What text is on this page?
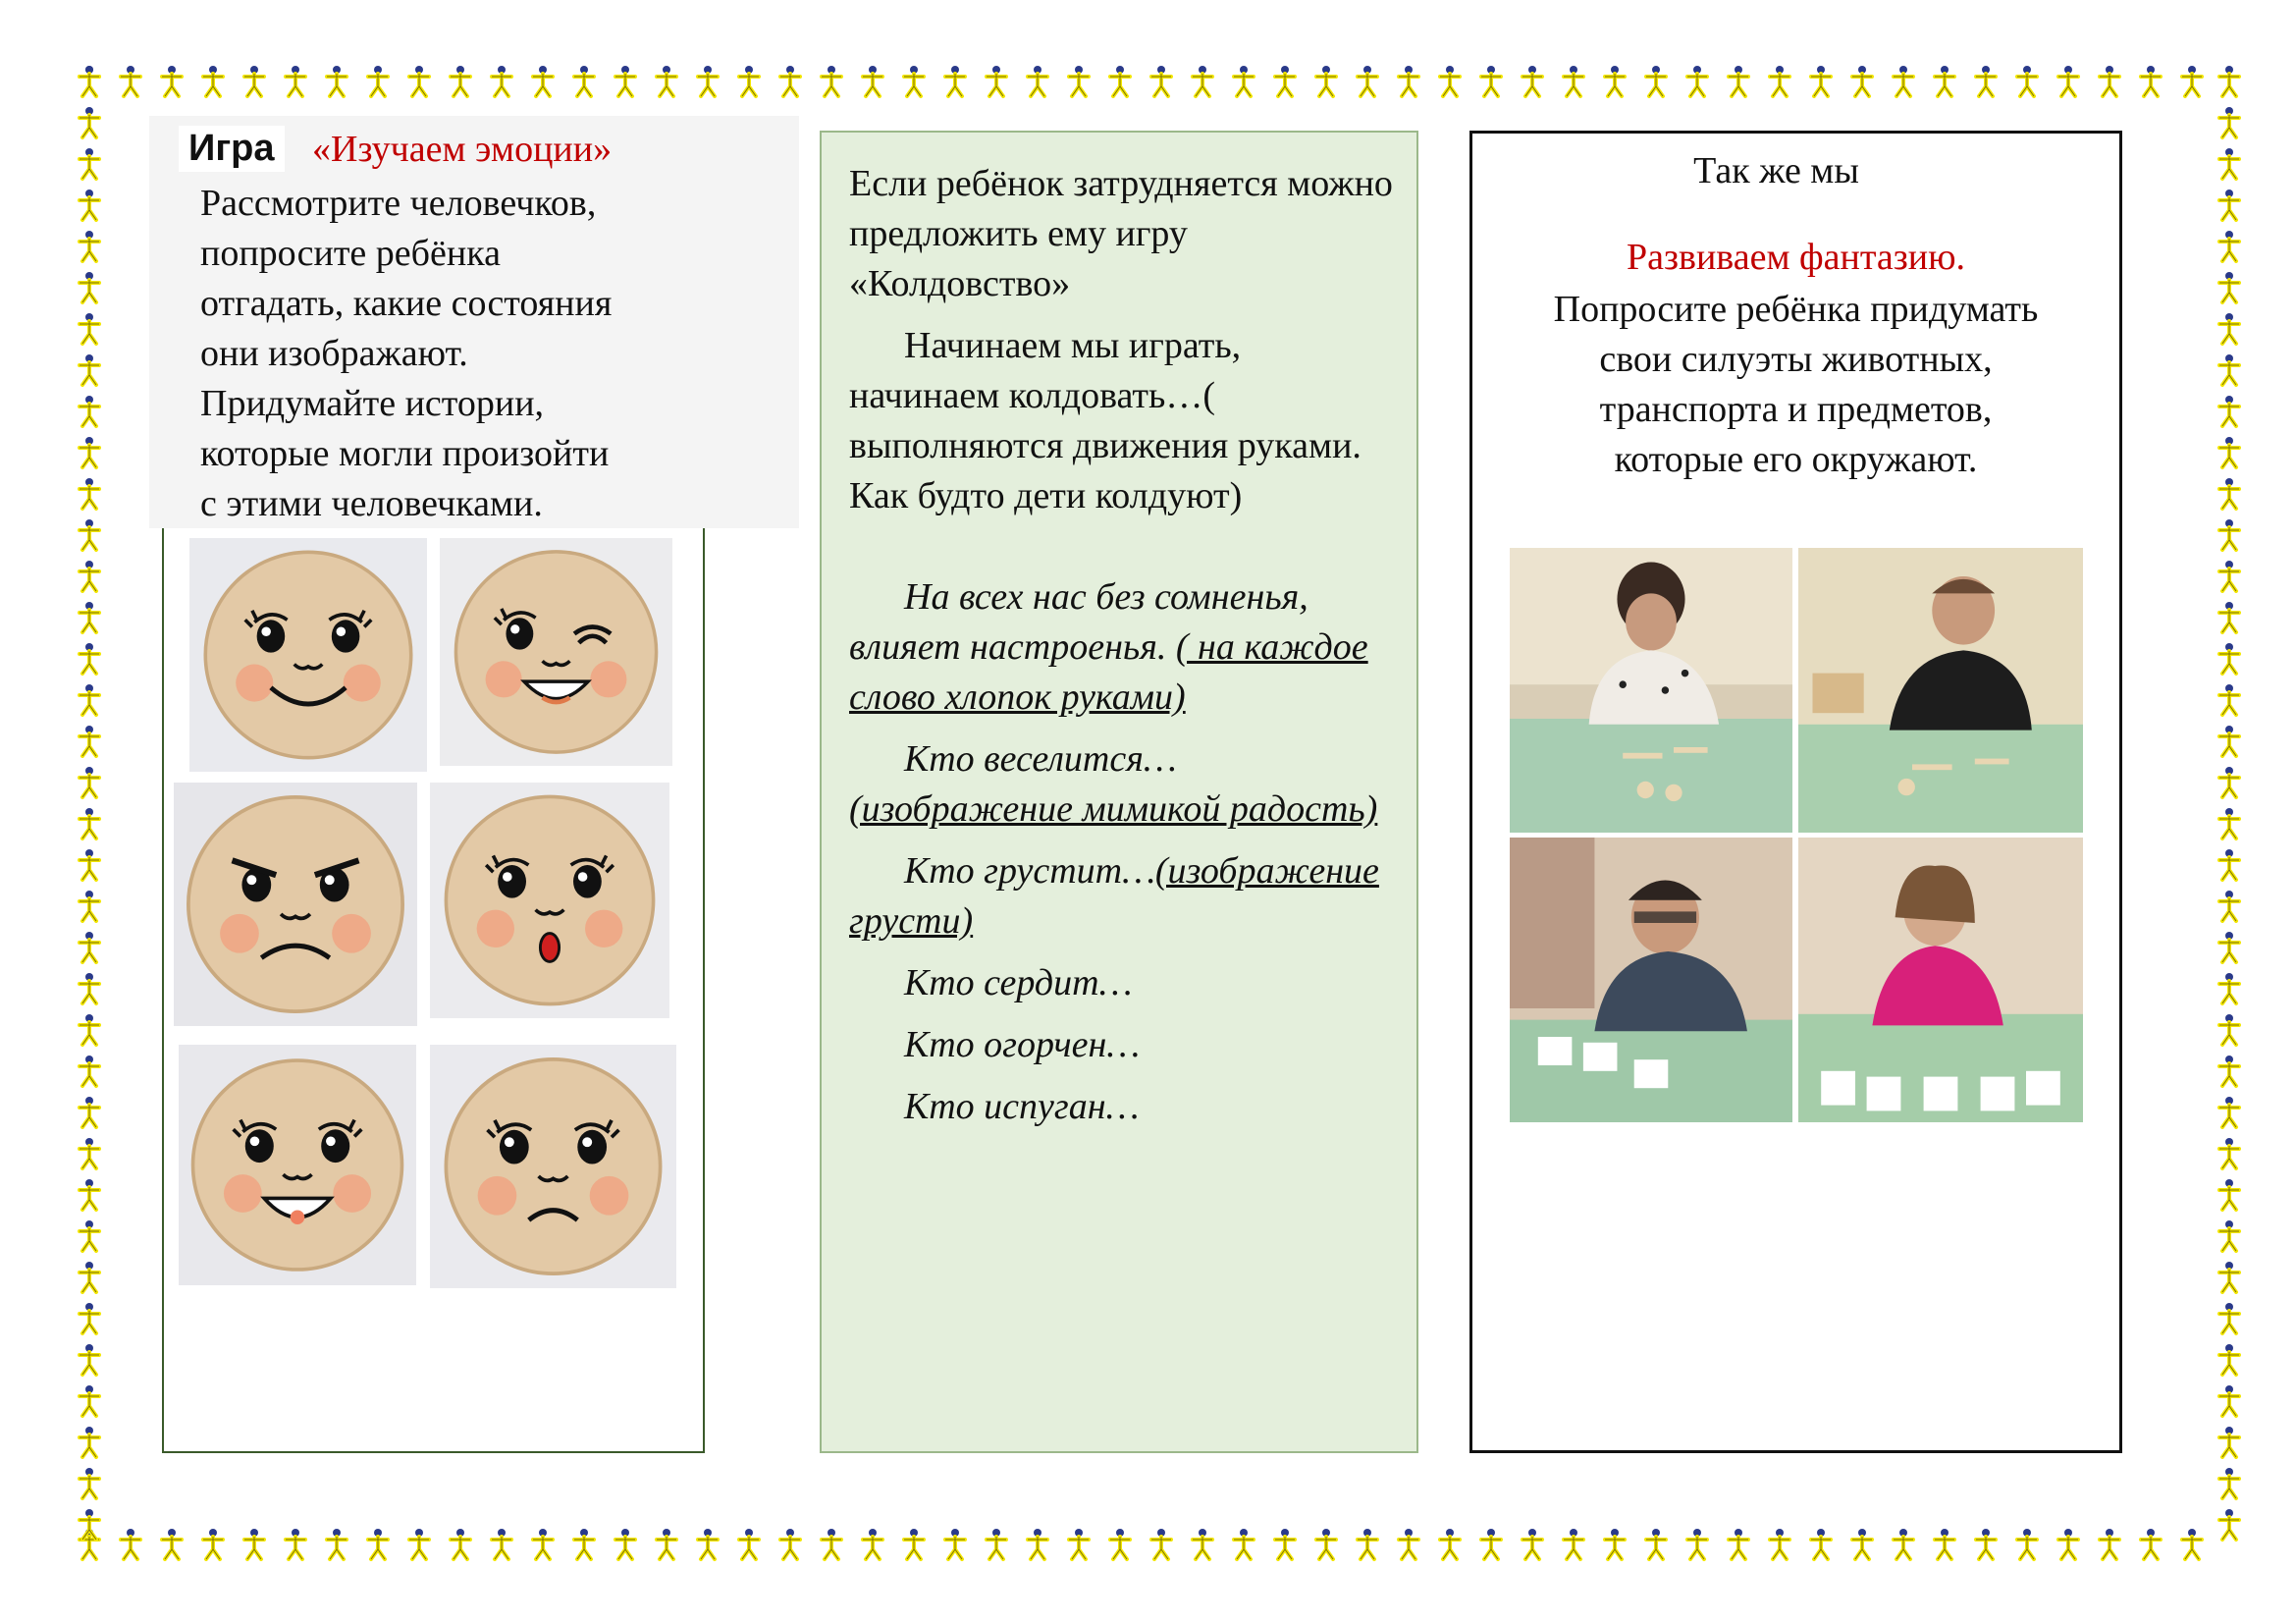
Игра «Изучаем эмоции»
Рассмотрите человечков,
попросите ребёнка
отгадать, какие состояния
они изображают.
Придумайте истории,
которые могли произойти
с этими человечками.

Если ребёнок затрудняется можно предложить ему игру «Колдовство»

Начинаем мы играть, начинаем колдовать…( выполняются движения руками. Как будто дети колдуют)

На всех нас без сомненья, влияет настроенья. ( на каждое слово хлопок руками)

Кто веселится… (изображение мимикой радость)

Кто грустит…(изображение грусти)

Кто сердит…

Кто огорчен…

Кто испуган…

Так же мы
Развиваем фантазию.
Попросите ребёнка придумать
свои силуэты животных,
транспорта и предметов,
которые его окружают.
